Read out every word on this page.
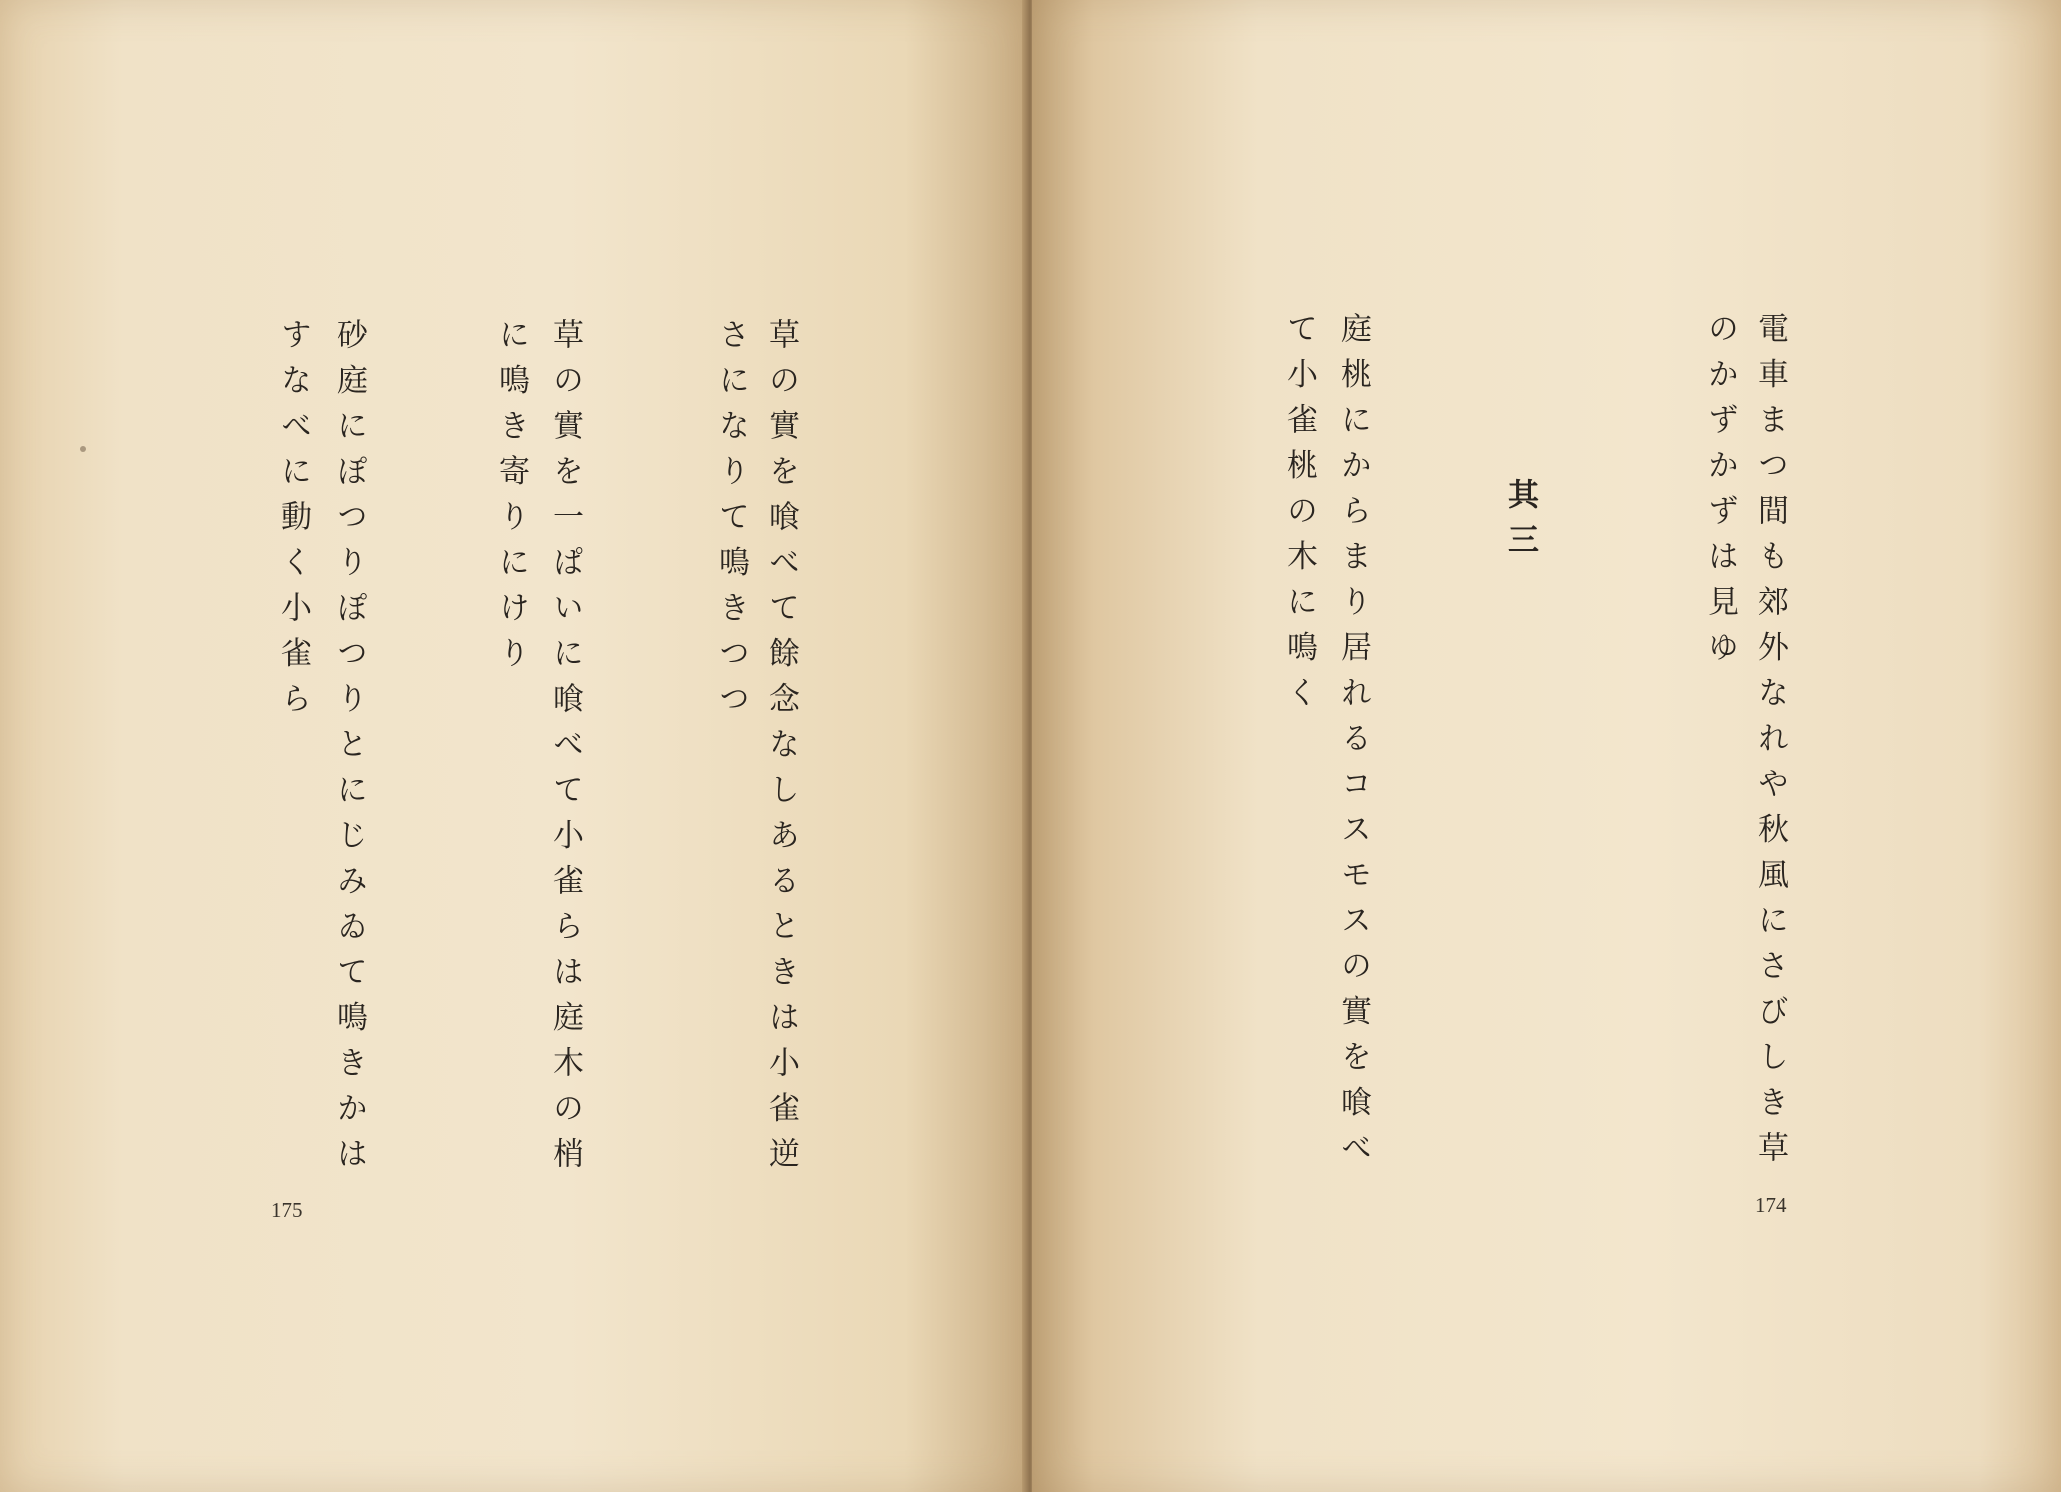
草の實を喰べて餘念なしあるときは小雀逆
さになりて鳴きつつ
草の實を一ぱいに喰べて小雀らは庭木の梢
に鳴き寄りにけり
砂庭にぽつりぽつりとにじみゐて鳴きかは
すなべに動く小雀ら
175
電車まつ間も郊外なれや秋風にさびしき草
のかずかずは見ゆ
其三
庭桃にからまり居れるコスモスの實を喰べ
て小雀桃の木に鳴く
174
